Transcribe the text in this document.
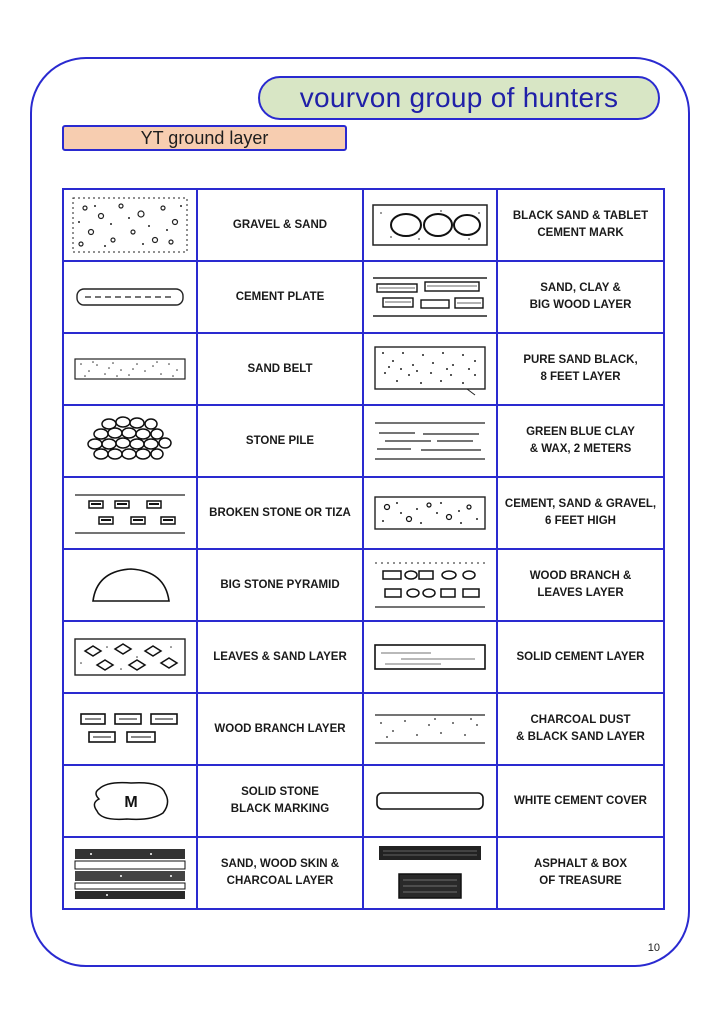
vourvon group of hunters
YT ground layer
	GRAVEL & SAND		BLACK SAND & TABLET
CEMENT MARK

	CEMENT PLATE		SAND, CLAY &
BIG WOOD LAYER

	SAND BELT		PURE SAND BLACK,
8 FEET LAYER

	STONE PILE		GREEN BLUE CLAY
& WAX, 2 METERS

	BROKEN STONE OR TIZA		CEMENT, SAND & GRAVEL,
6 FEET HIGH

	BIG STONE PYRAMID		WOOD BRANCH &
LEAVES LAYER

	LEAVES & SAND LAYER		SOLID CEMENT LAYER

	WOOD BRANCH LAYER		CHARCOAL DUST
& BLACK SAND LAYER

M	SOLID STONE
BLACK MARKING		WHITE CEMENT COVER

	SAND, WOOD SKIN &
CHARCOAL LAYER		ASPHALT & BOX
OF TREASURE
10
